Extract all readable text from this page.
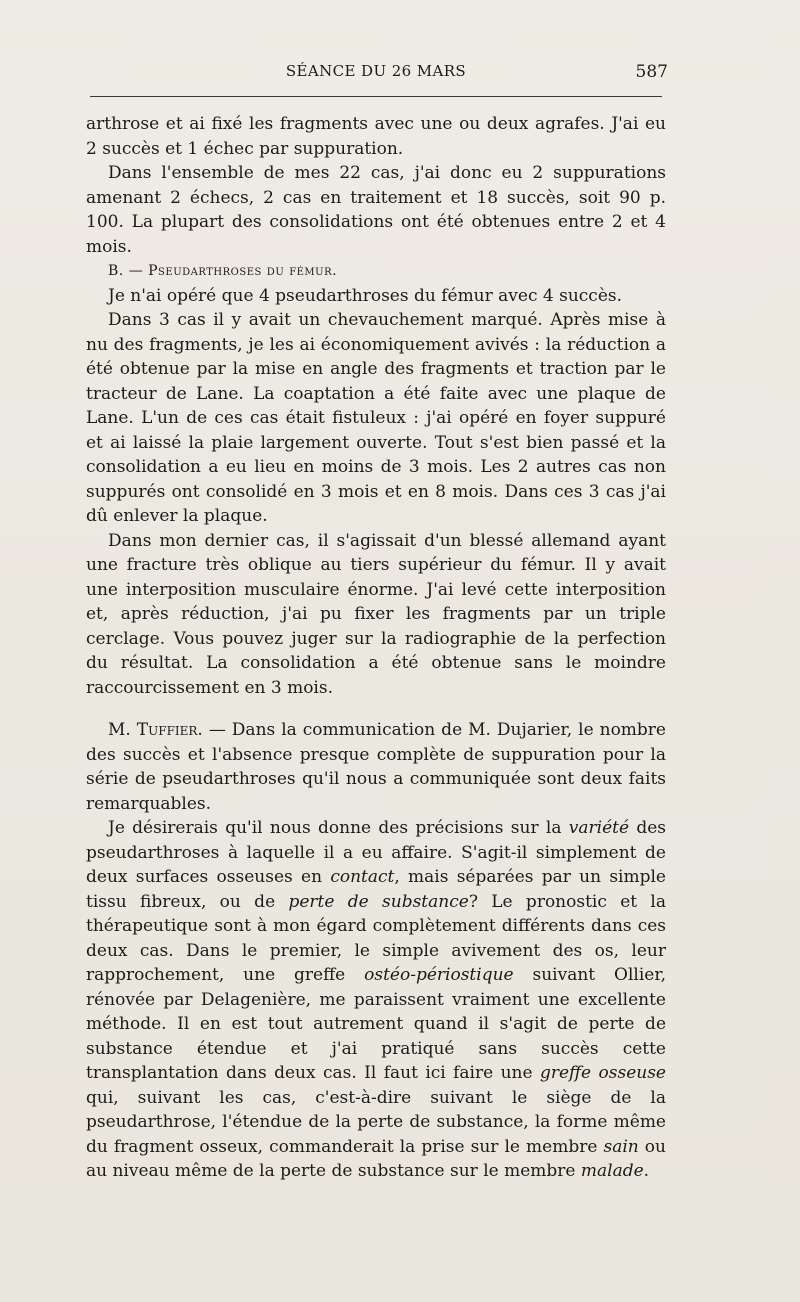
SÉANCE DU 26 MARS	587

arthrose et ai fixé les fragments avec une ou deux agrafes. J'ai eu 2 succès et 1 échec par suppuration.

Dans l'ensemble de mes 22 cas, j'ai donc eu 2 suppurations amenant 2 échecs, 2 cas en traitement et 18 succès, soit 90 p. 100. La plupart des consolidations ont été obtenues entre 2 et 4 mois.

B. — Pseudarthroses du fémur.

Je n'ai opéré que 4 pseudarthroses du fémur avec 4 succès.

Dans 3 cas il y avait un chevauchement marqué. Après mise à nu des fragments, je les ai économiquement avivés : la réduction a été obtenue par la mise en angle des fragments et traction par le tracteur de Lane. La coaptation a été faite avec une plaque de Lane. L'un de ces cas était fistuleux : j'ai opéré en foyer suppuré et ai laissé la plaie largement ouverte. Tout s'est bien passé et la consolidation a eu lieu en moins de 3 mois. Les 2 autres cas non suppurés ont consolidé en 3 mois et en 8 mois. Dans ces 3 cas j'ai dû enlever la plaque.

Dans mon dernier cas, il s'agissait d'un blessé allemand ayant une fracture très oblique au tiers supérieur du fémur. Il y avait une interposition musculaire énorme. J'ai levé cette interposition et, après réduction, j'ai pu fixer les fragments par un triple cerclage. Vous pouvez juger sur la radiographie de la perfection du résultat. La consolidation a été obtenue sans le moindre raccourcissement en 3 mois.

M. Tuffier. — Dans la communication de M. Dujarier, le nombre des succès et l'absence presque complète de suppuration pour la série de pseudarthroses qu'il nous a communiquée sont deux faits remarquables.

Je désirerais qu'il nous donne des précisions sur la variété des pseudarthroses à laquelle il a eu affaire. S'agit-il simplement de deux surfaces osseuses en contact, mais séparées par un simple tissu fibreux, ou de perte de substance? Le pronostic et la thérapeutique sont à mon égard complètement différents dans ces deux cas. Dans le premier, le simple avivement des os, leur rapprochement, une greffe ostéo-périostique suivant Ollier, rénovée par Delagenière, me paraissent vraiment une excellente méthode. Il en est tout autrement quand il s'agit de perte de substance étendue et j'ai pratiqué sans succès cette transplantation dans deux cas. Il faut ici faire une greffe osseuse qui, suivant les cas, c'est-à-dire suivant le siège de la pseudarthrose, l'étendue de la perte de substance, la forme même du fragment osseux, commanderait la prise sur le membre sain ou au niveau même de la perte de substance sur le membre malade.
